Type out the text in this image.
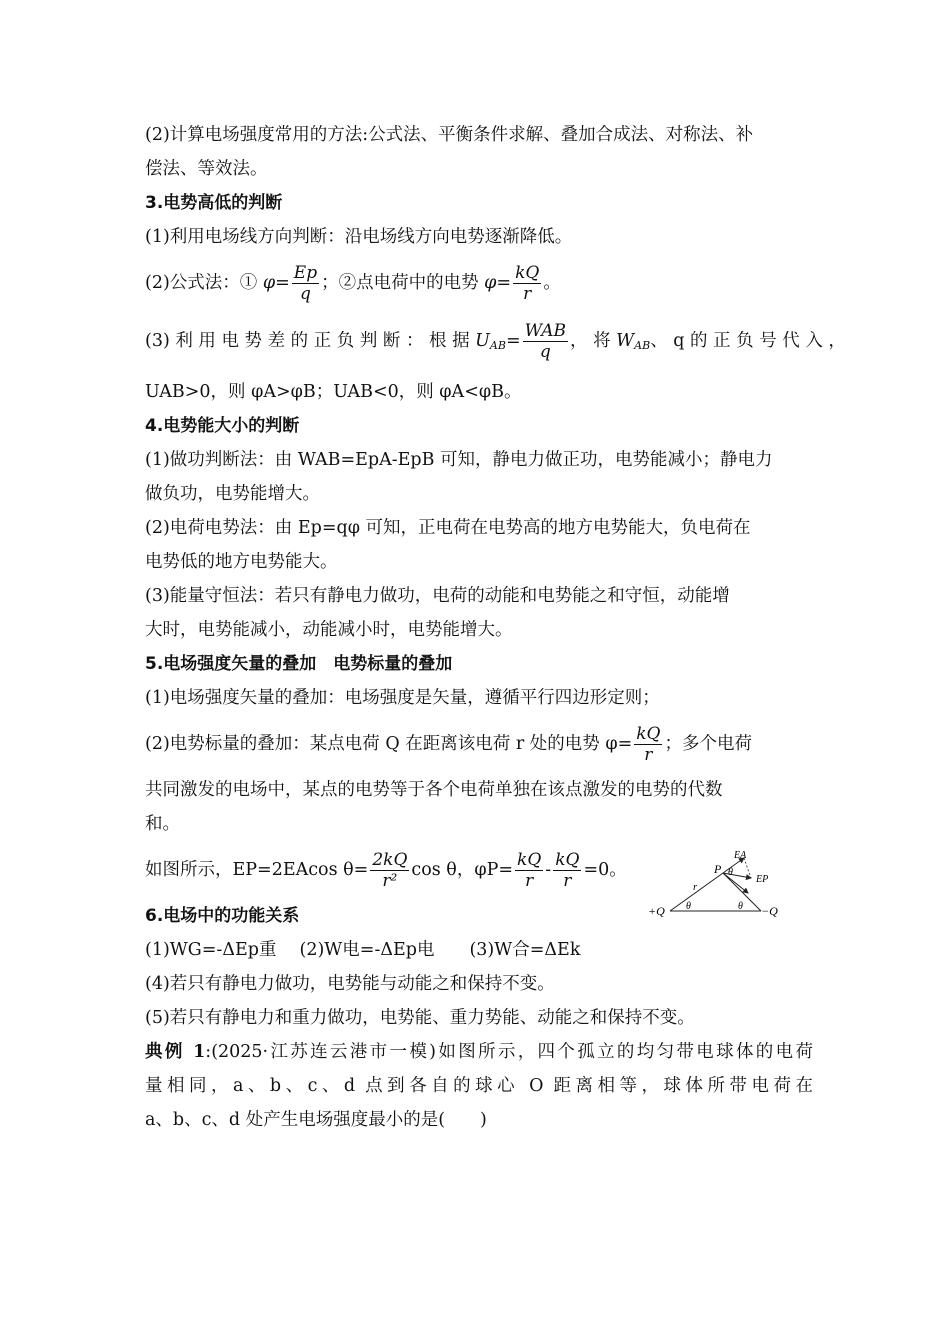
(2)计算电场强度常用的方法:公式法、平衡条件求解、叠加合成法、对称法、补
偿法、等效法。
3.电势高低的判断
(1)利用电场线方向判断：沿电场线方向电势逐渐降低。
(2)公式法：① $\varphi= \frac{Ep}{q}$ ；②点电荷中的电势 $\varphi= \frac{kQ}{r}$ 。
(3) 利 用 电 势 差 的 正 负 判 断 ： 根 据 $U_{AB}= \frac{\text{WAB}}{q}$ ， 将 $W_{AB}$、 q 的 正 负 号 代 入 ，
UAB>0，则 φA>φB；UAB<0，则 φA<φB。
4.电势能大小的判断
(1)做功判断法：由 WAB=EpA-EpB 可知，静电力做正功，电势能减小；静电力
做负功，电势能增大。
(2)电荷电势法：由 Ep=qφ 可知，正电荷在电势高的地方电势能大，负电荷在
电势低的地方电势能大。
(3)能量守恒法：若只有静电力做功，电荷的动能和电势能之和守恒，动能增
大时，电势能减小，动能减小时，电势能增大。
5.电场强度矢量的叠加　电势标量的叠加
(1)电场强度矢量的叠加：电场强度是矢量，遵循平行四边形定则；
(2)电势标量的叠加：某点电荷 Q 在距离该电荷 r 处的电势 $\varphi= \frac{kQ}{r}$ ；多个电荷
共同激发的电场中，某点的电势等于各个电荷单独在该点激发的电势的代数
和。
如图所示，EP=2EAcos $\theta= \frac{2kQ}{\text{r²}}$ cos θ，$\varphi P= \frac{kQ}{r} - \frac{kQ}{r} =0$。
6.电场中的功能关系
(1)WG=-ΔEp重　 (2)W电=-ΔEp电　　(3)W合=ΔEk
(4)若只有静电力做功，电势能与动能之和保持不变。
(5)若只有静电力和重力做功，电势能、重力势能、动能之和保持不变。
典例 1:(2025·江苏连云港市一模)如图所示，四个孤立的均匀带电球体的电荷
量相同，a、b、c、d 点到各自的球心 O 距离相等，球体所带电荷在
a、b、c、d 处产生电场强度最小的是(　　)
P
EA
EP
r
θ
θ	θ
+Q	−Q
